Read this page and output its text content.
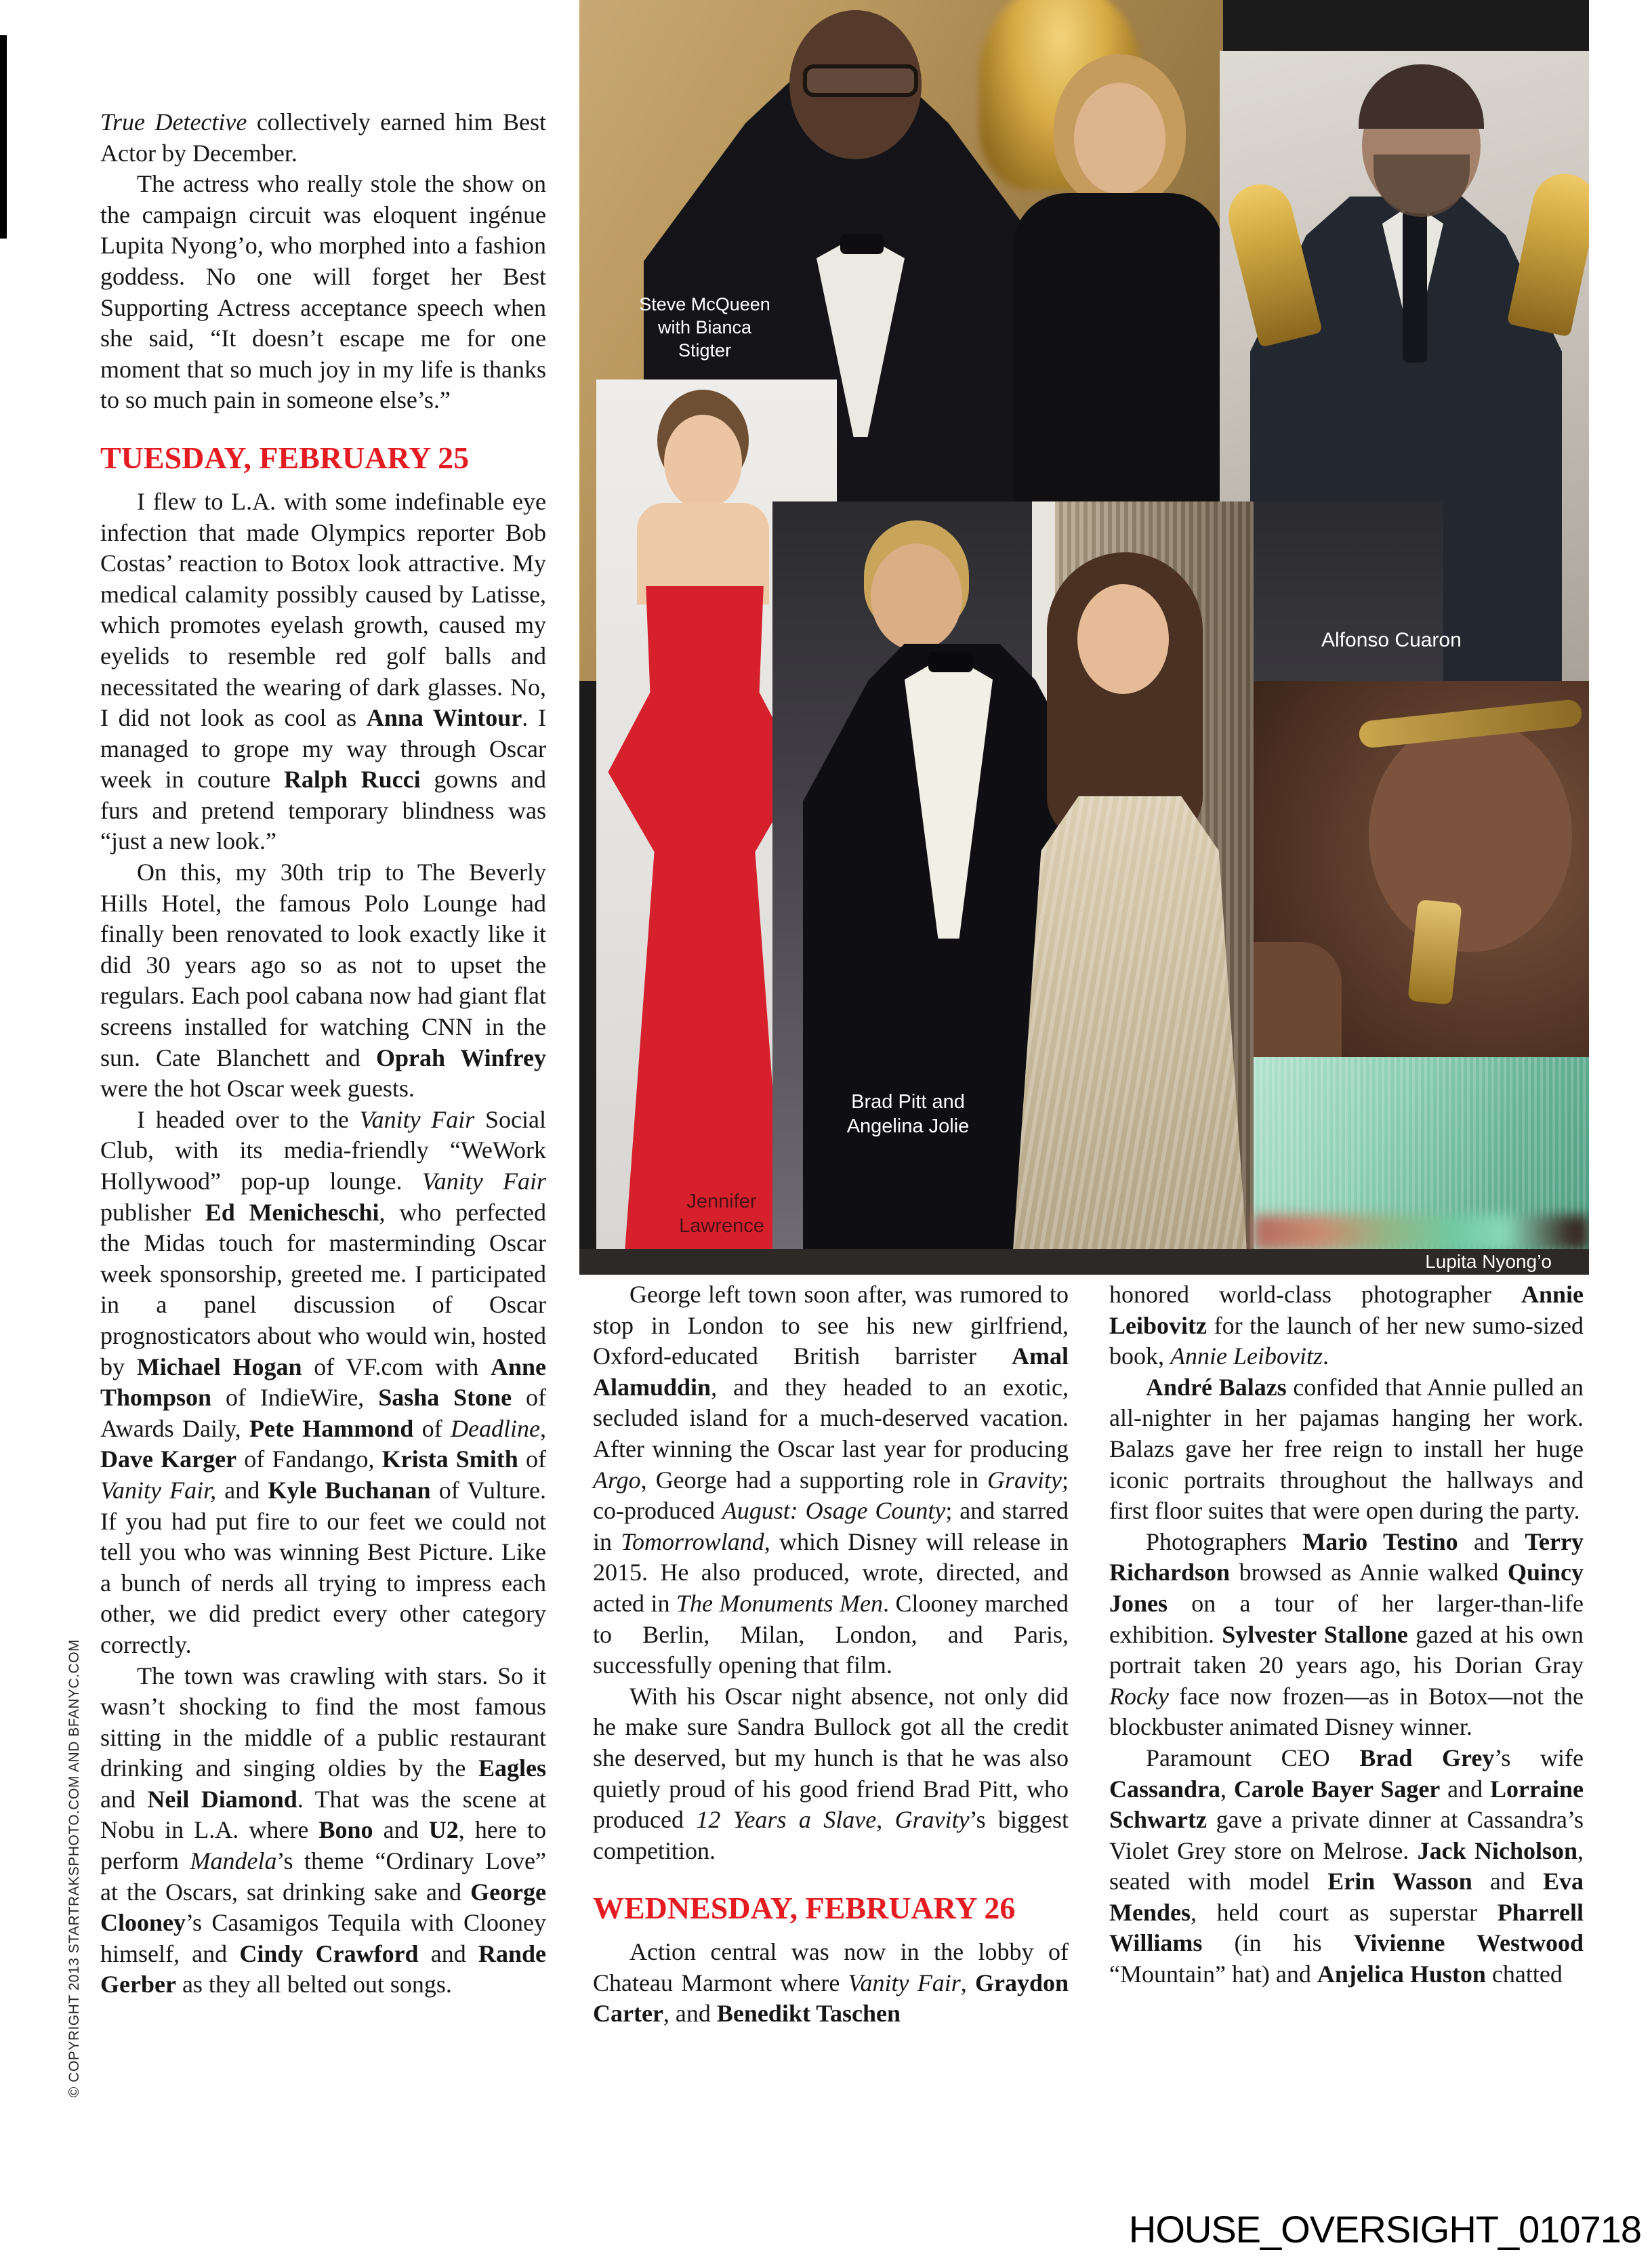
Steve McQueen with Bianca Stigter
Alfonso Cuaron
Brad Pitt and Angelina Jolie
Jennifer Lawrence
Lupita Nyong’o

True Detective collectively earned him Best Actor by December.

The actress who really stole the show on the campaign circuit was eloquent ingénue Lupita Nyong’o, who morphed into a fashion goddess. No one will forget her Best Supporting Actress acceptance speech when she said, “It doesn’t escape me for one moment that so much joy in my life is thanks to so much pain in someone else’s.”

TUESDAY, FEBRUARY 25

I flew to L.A. with some indefinable eye infection that made Olympics reporter Bob Costas’ reaction to Botox look attractive. My medical calamity possibly caused by Latisse, which promotes eyelash growth, caused my eyelids to resemble red golf balls and necessitated the wearing of dark glasses. No, I did not look as cool as Anna Wintour. I managed to grope my way through Oscar week in couture Ralph Rucci gowns and furs and pretend temporary blindness was “just a new look.”

On this, my 30th trip to The Beverly Hills Hotel, the famous Polo Lounge had finally been renovated to look exactly like it did 30 years ago so as not to upset the regulars. Each pool cabana now had giant flat screens installed for watching CNN in the sun. Cate Blanchett and Oprah Winfrey were the hot Oscar week guests.

I headed over to the Vanity Fair Social Club, with its media-friendly “WeWork Hollywood” pop-up lounge. Vanity Fair publisher Ed Menicheschi, who perfected the Midas touch for masterminding Oscar week sponsorship, greeted me. I participated in a panel discussion of Oscar prognosticators about who would win, hosted by Michael Hogan of VF.com with Anne Thompson of IndieWire, Sasha Stone of Awards Daily, Pete Hammond of Deadline, Dave Karger of Fandango, Krista Smith of Vanity Fair, and Kyle Buchanan of Vulture. If you had put fire to our feet we could not tell you who was winning Best Picture. Like a bunch of nerds all trying to impress each other, we did predict every other category correctly.

The town was crawling with stars. So it wasn’t shocking to find the most famous sitting in the middle of a public restaurant drinking and singing oldies by the Eagles and Neil Diamond. That was the scene at Nobu in L.A. where Bono and U2, here to perform Mandela’s theme “Ordinary Love” at the Oscars, sat drinking sake and George Clooney’s Casamigos Tequila with Clooney himself, and Cindy Crawford and Rande Gerber as they all belted out songs.

George left town soon after, was rumored to stop in London to see his new girlfriend, Oxford-educated British barrister Amal Alamuddin, and they headed to an exotic, secluded island for a much-deserved vacation. After winning the Oscar last year for producing Argo, George had a supporting role in Gravity; co-produced August: Osage County; and starred in Tomorrowland, which Disney will release in 2015. He also produced, wrote, directed, and acted in The Monuments Men. Clooney marched to Berlin, Milan, London, and Paris, successfully opening that film.

With his Oscar night absence, not only did he make sure Sandra Bullock got all the credit she deserved, but my hunch is that he was also quietly proud of his good friend Brad Pitt, who produced 12 Years a Slave, Gravity’s biggest competition.

WEDNESDAY, FEBRUARY 26

Action central was now in the lobby of Chateau Marmont where Vanity Fair, Graydon Carter, and Benedikt Taschen

honored world-class photographer Annie Leibovitz for the launch of her new sumo-sized book, Annie Leibovitz.

André Balazs confided that Annie pulled an all-nighter in her pajamas hanging her work. Balazs gave her free reign to install her huge iconic portraits throughout the hallways and first floor suites that were open during the party.

Photographers Mario Testino and Terry Richardson browsed as Annie walked Quincy Jones on a tour of her larger-than-life exhibition. Sylvester Stallone gazed at his own portrait taken 20 years ago, his Dorian Gray Rocky face now frozen—as in Botox—not the blockbuster animated Disney winner.

Paramount CEO Brad Grey’s wife Cassandra, Carole Bayer Sager and Lorraine Schwartz gave a private dinner at Cassandra’s Violet Grey store on Melrose. Jack Nicholson, seated with model Erin Wasson and Eva Mendes, held court as superstar Pharrell Williams (in his Vivienne Westwood “Mountain” hat) and Anjelica Huston chatted

© COPYRIGHT 2013 STARTRAKSPHOTO.COM AND BFANYC.COM
HOUSE_OVERSIGHT_010718
